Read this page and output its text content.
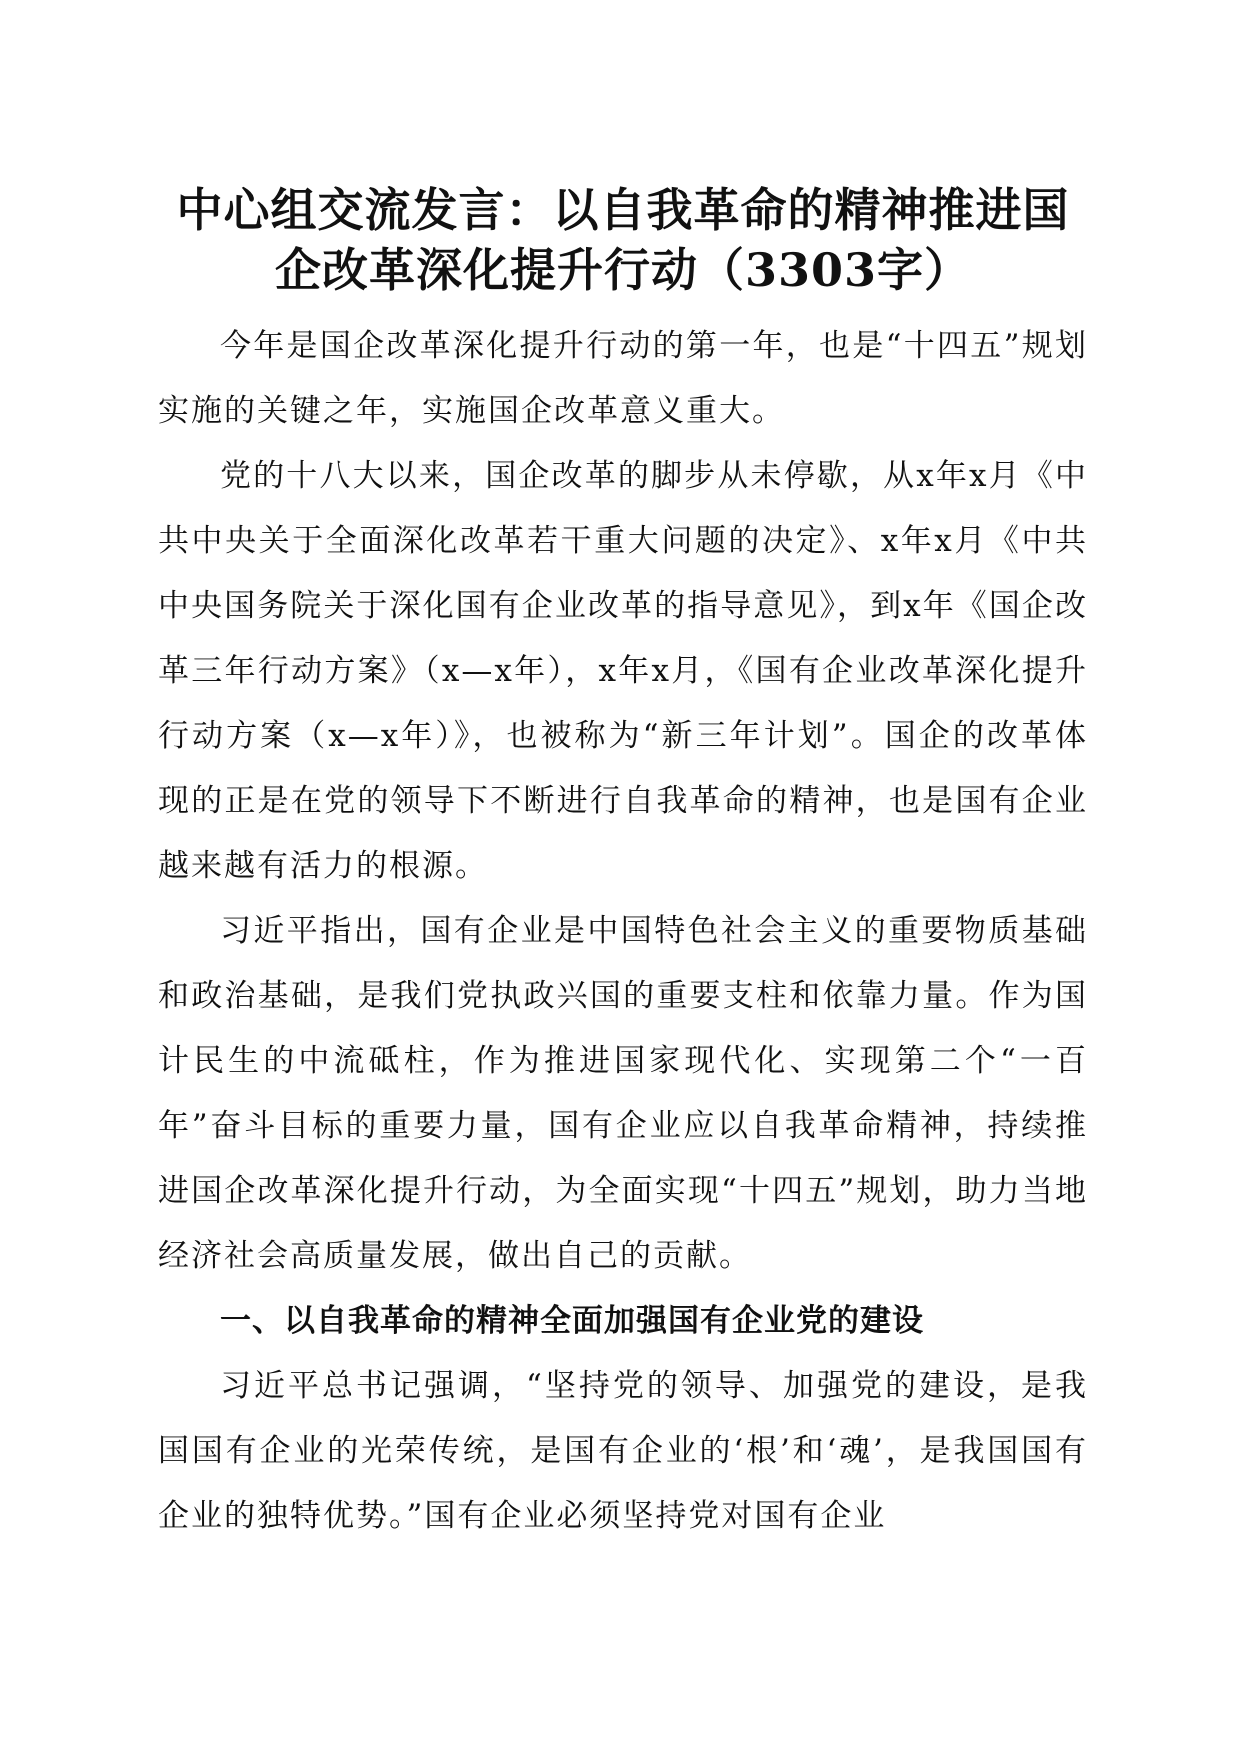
中心组交流发言：以自我革命的精神推进国企改革深化提升行动（3303字）

今年是国企改革深化提升行动的第一年，也是“十四五”规划实施的关键之年，实施国企改革意义重大。

党的十八大以来，国企改革的脚步从未停歇，从x年x月《中共中央关于全面深化改革若干重大问题的决定》、x年x月《中共中央国务院关于深化国有企业改革的指导意见》，到x年《国企改革三年行动方案》（x—x年），x年x月，《国有企业改革深化提升行动方案（x—x年）》，也被称为“新三年计划”。国企的改革体现的正是在党的领导下不断进行自我革命的精神，也是国有企业越来越有活力的根源。

习近平指出，国有企业是中国特色社会主义的重要物质基础和政治基础，是我们党执政兴国的重要支柱和依靠力量。作为国计民生的中流砥柱，作为推进国家现代化、实现第二个“一百年”奋斗目标的重要力量，国有企业应以自我革命精神，持续推进国企改革深化提升行动，为全面实现“十四五”规划，助力当地经济社会高质量发展，做出自己的贡献。

一、以自我革命的精神全面加强国有企业党的建设

习近平总书记强调，“坚持党的领导、加强党的建设，是我国国有企业的光荣传统，是国有企业的‘根’和‘魂’，是我国国有企业的独特优势。”国有企业必须坚持党对国有企业
